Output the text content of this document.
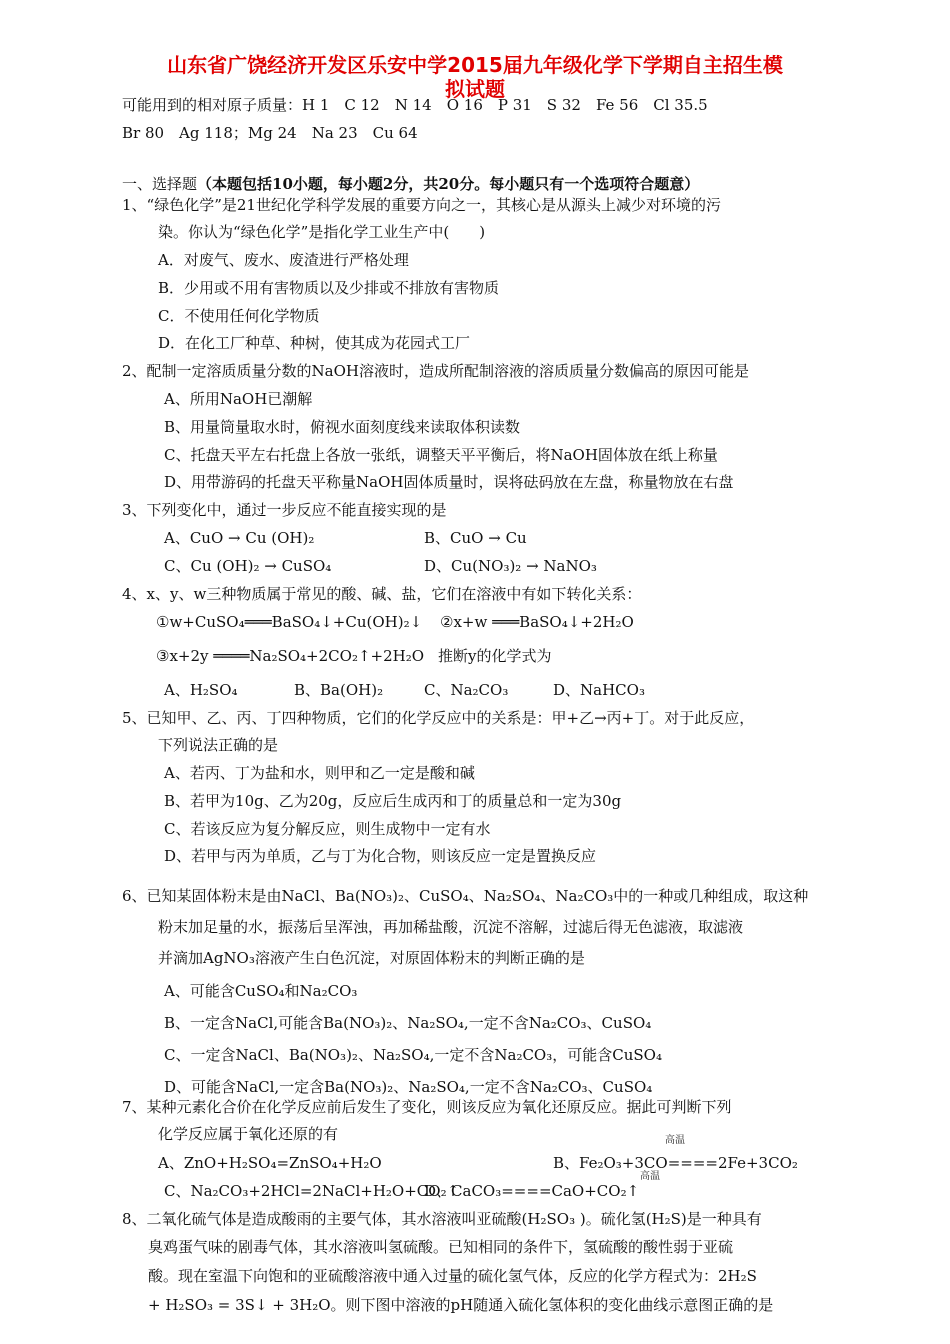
山东省广饶经济开发区乐安中学2015届九年级化学下学期自主招生模
拟试题
可能用到的相对原子质量：H 1　C 12　N 14　O 16　P 31　S 32　Fe 56　Cl 35.5
Br 80　Ag 118；Mg 24　Na 23　Cu 64
一、选择题（本题包括10小题，每小题2分，共20分。每小题只有一个选项符合题意）
1、“绿色化学”是21世纪化学科学发展的重要方向之一，其核心是从源头上减少对环境的污
染。你认为“绿色化学”是指化学工业生产中(　　)
A．对废气、废水、废渣进行严格处理
B．少用或不用有害物质以及少排或不排放有害物质
C．不使用任何化学物质
D．在化工厂种草、种树，使其成为花园式工厂
2、配制一定溶质质量分数的NaOH溶液时，造成所配制溶液的溶质质量分数偏高的原因可能是
A、所用NaOH已潮解
B、用量筒量取水时，俯视水面刻度线来读取体积读数
C、托盘天平左右托盘上各放一张纸，调整天平平衡后，将NaOH固体放在纸上称量
D、用带游码的托盘天平称量NaOH固体质量时，误将砝码放在左盘，称量物放在右盘
3、下列变化中，通过一步反应不能直接实现的是
A、CuO → Cu (OH)₂	B、CuO → Cu
C、Cu (OH)₂ → CuSO₄	D、Cu(NO₃)₂ → NaNO₃
4、x、y、w三种物质属于常见的酸、碱、盐，它们在溶液中有如下转化关系：
①w+CuSO₄═══BaSO₄↓+Cu(OH)₂↓ ②x+w ═══BaSO₄↓+2H₂O
③x+2y ════Na₂SO₄+2CO₂↑+2H₂O 推断y的化学式为
A、H₂SO₄	B、Ba(OH)₂	C、Na₂CO₃	D、NaHCO₃
5、已知甲、乙、丙、丁四种物质，它们的化学反应中的关系是：甲+乙→丙+丁。对于此反应，
下列说法正确的是
A、若丙、丁为盐和水，则甲和乙一定是酸和碱
B、若甲为10g、乙为20g，反应后生成丙和丁的质量总和一定为30g
C、若该反应为复分解反应，则生成物中一定有水
D、若甲与丙为单质，乙与丁为化合物，则该反应一定是置换反应
6、已知某固体粉末是由NaCl、Ba(NO₃)₂、CuSO₄、Na₂SO₄、Na₂CO₃中的一种或几种组成，取这种
粉末加足量的水，振荡后呈浑浊，再加稀盐酸，沉淀不溶解，过滤后得无色滤液，取滤液
并滴加AgNO₃溶液产生白色沉淀，对原固体粉末的判断正确的是
A、可能含CuSO₄和Na₂CO₃
B、一定含NaCl,可能含Ba(NO₃)₂、Na₂SO₄,一定不含Na₂CO₃、CuSO₄
C、一定含NaCl、Ba(NO₃)₂、Na₂SO₄,一定不含Na₂CO₃，可能含CuSO₄
D、可能含NaCl,一定含Ba(NO₃)₂、Na₂SO₄,一定不含Na₂CO₃、CuSO₄
7、某种元素化合价在化学反应前后发生了变化，则该反应为氧化还原反应。据此可判断下列
化学反应属于氧化还原的有	高温
A、ZnO+H₂SO₄=ZnSO₄+H₂O	B、Fe₂O₃+3CO====2Fe+3CO₂
高温
C、Na₂CO₃+2HCl=2NaCl+H₂O+CO₂↑
D、CaCO₃====CaO+CO₂↑
8、二氧化硫气体是造成酸雨的主要气体，其水溶液叫亚硫酸(H₂SO₃ )。硫化氢(H₂S)是一种具有
臭鸡蛋气味的剧毒气体，其水溶液叫氢硫酸。已知相同的条件下，氢硫酸的酸性弱于亚硫
酸。现在室温下向饱和的亚硫酸溶液中通入过量的硫化氢气体，反应的化学方程式为：2H₂S
+ H₂SO₃ = 3S↓ + 3H₂O。则下图中溶液的pH随通入硫化氢体积的变化曲线示意图正确的是
